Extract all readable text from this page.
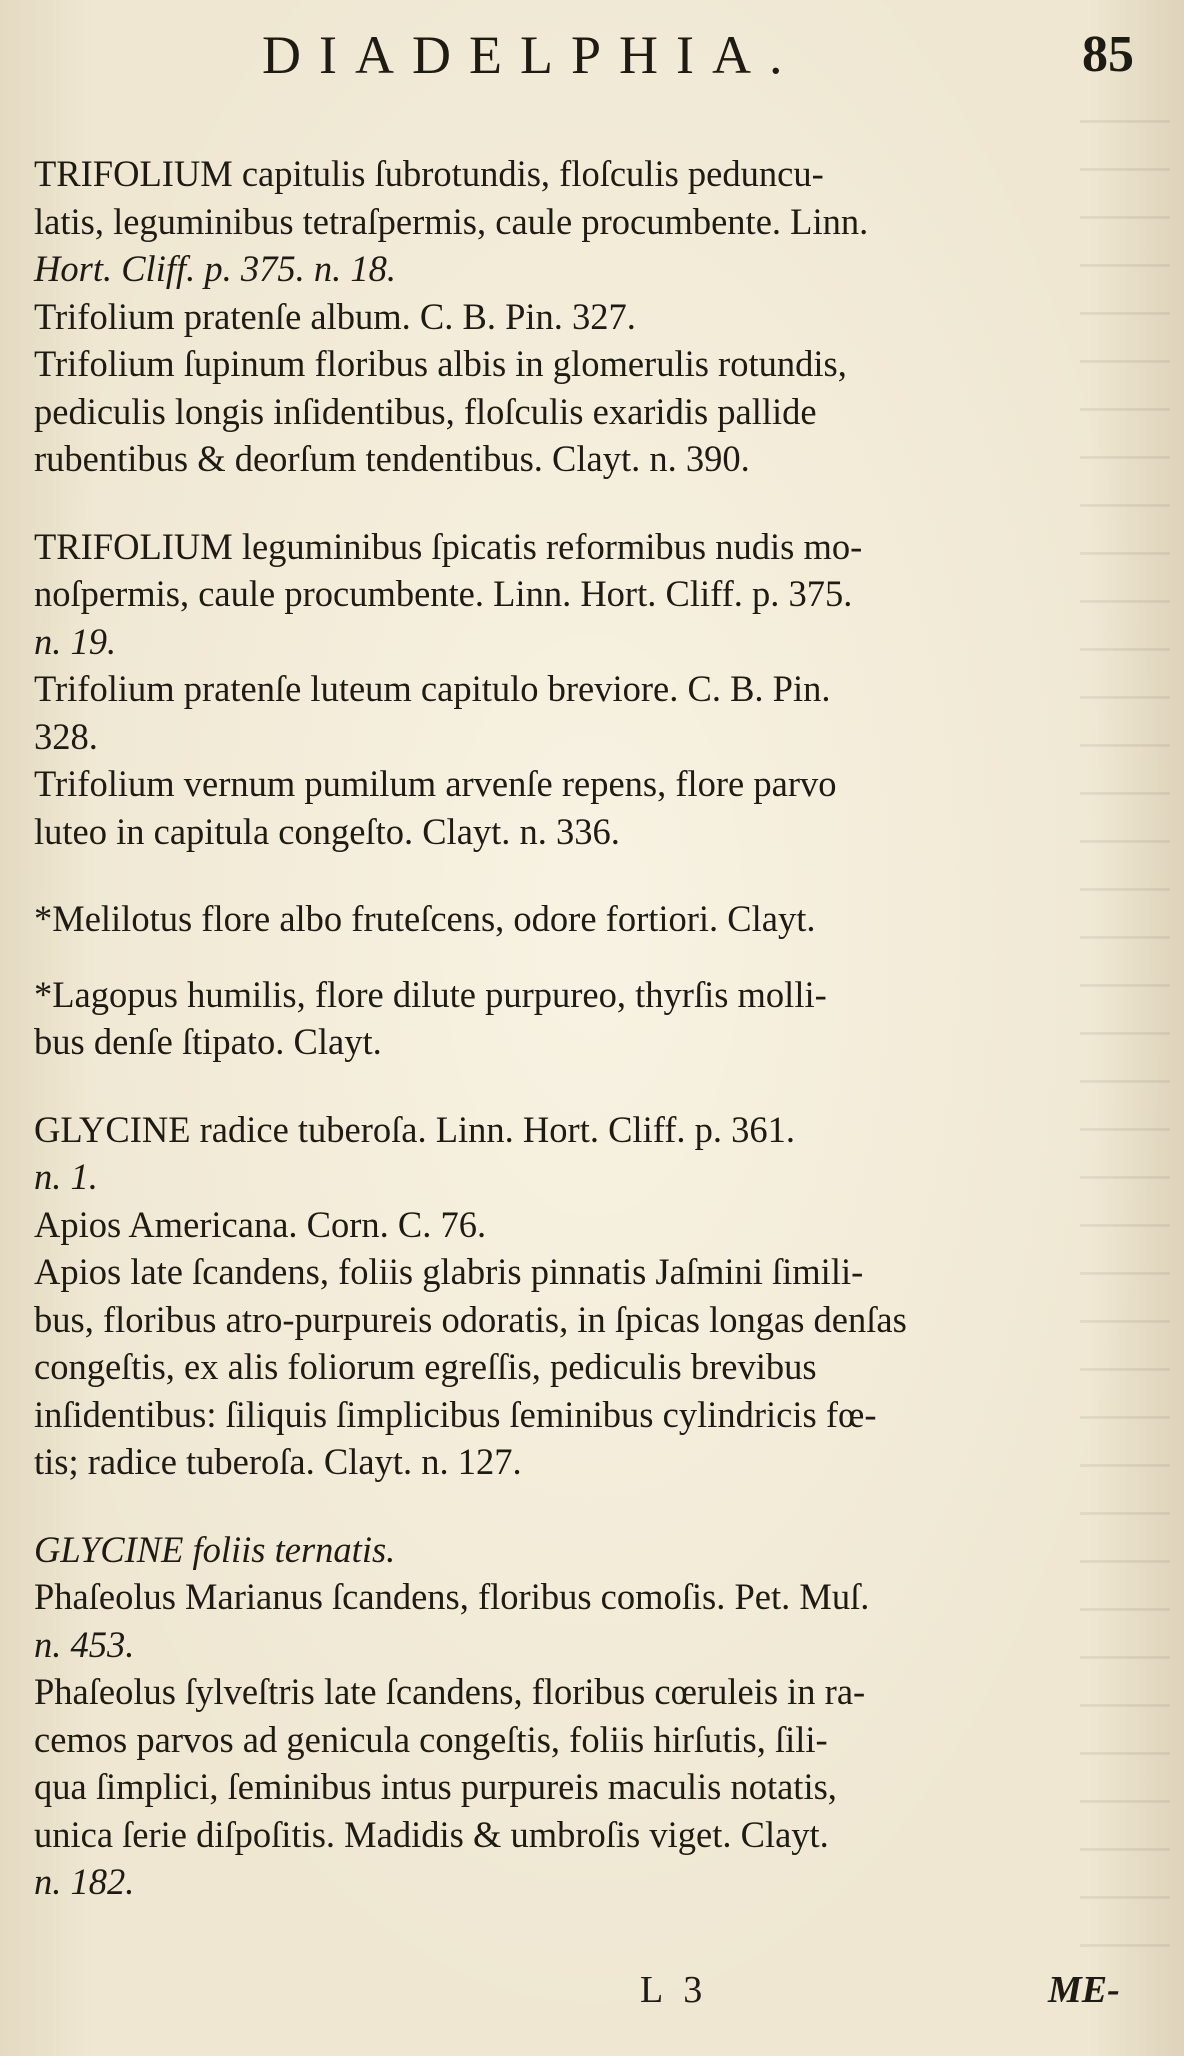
DIADELPHIA.	85
TRIFOLIUM capitulis ſubrotundis, floſculis peduncu-
latis, leguminibus tetraſpermis, caule procumbente. Linn.
Hort. Cliff. p. 375. n. 18.
Trifolium pratenſe album. C. B. Pin. 327.
Trifolium ſupinum floribus albis in glomerulis rotundis,
pediculis longis inſidentibus, floſculis exaridis pallide
rubentibus & deorſum tendentibus. Clayt. n. 390.
TRIFOLIUM leguminibus ſpicatis reformibus nudis mo-
noſpermis, caule procumbente. Linn. Hort. Cliff. p. 375.
n. 19.
Trifolium pratenſe luteum capitulo breviore. C. B. Pin.
328.
Trifolium vernum pumilum arvenſe repens, flore parvo
luteo in capitula congeſto. Clayt. n. 336.
*Melilotus flore albo fruteſcens, odore fortiori. Clayt.
*Lagopus humilis, flore dilute purpureo, thyrſis molli-
bus denſe ſtipato. Clayt.
GLYCINE radice tuberoſa. Linn. Hort. Cliff. p. 361.
n. 1.
Apios Americana. Corn. C. 76.
Apios late ſcandens, foliis glabris pinnatis Jaſmini ſimili-
bus, floribus atro-purpureis odoratis, in ſpicas longas denſas
congeſtis, ex alis foliorum egreſſis, pediculis brevibus
inſidentibus: ſiliquis ſimplicibus ſeminibus cylindricis fœ-
tis; radice tuberoſa. Clayt. n. 127.
GLYCINE foliis ternatis.
Phaſeolus Marianus ſcandens, floribus comoſis. Pet. Muſ.
n. 453.
Phaſeolus ſylveſtris late ſcandens, floribus cœruleis in ra-
cemos parvos ad genicula congeſtis, foliis hirſutis, ſili-
qua ſimplici, ſeminibus intus purpureis maculis notatis,
unica ſerie diſpoſitis. Madidis & umbroſis viget. Clayt.
n. 182.
L 3	ME-
